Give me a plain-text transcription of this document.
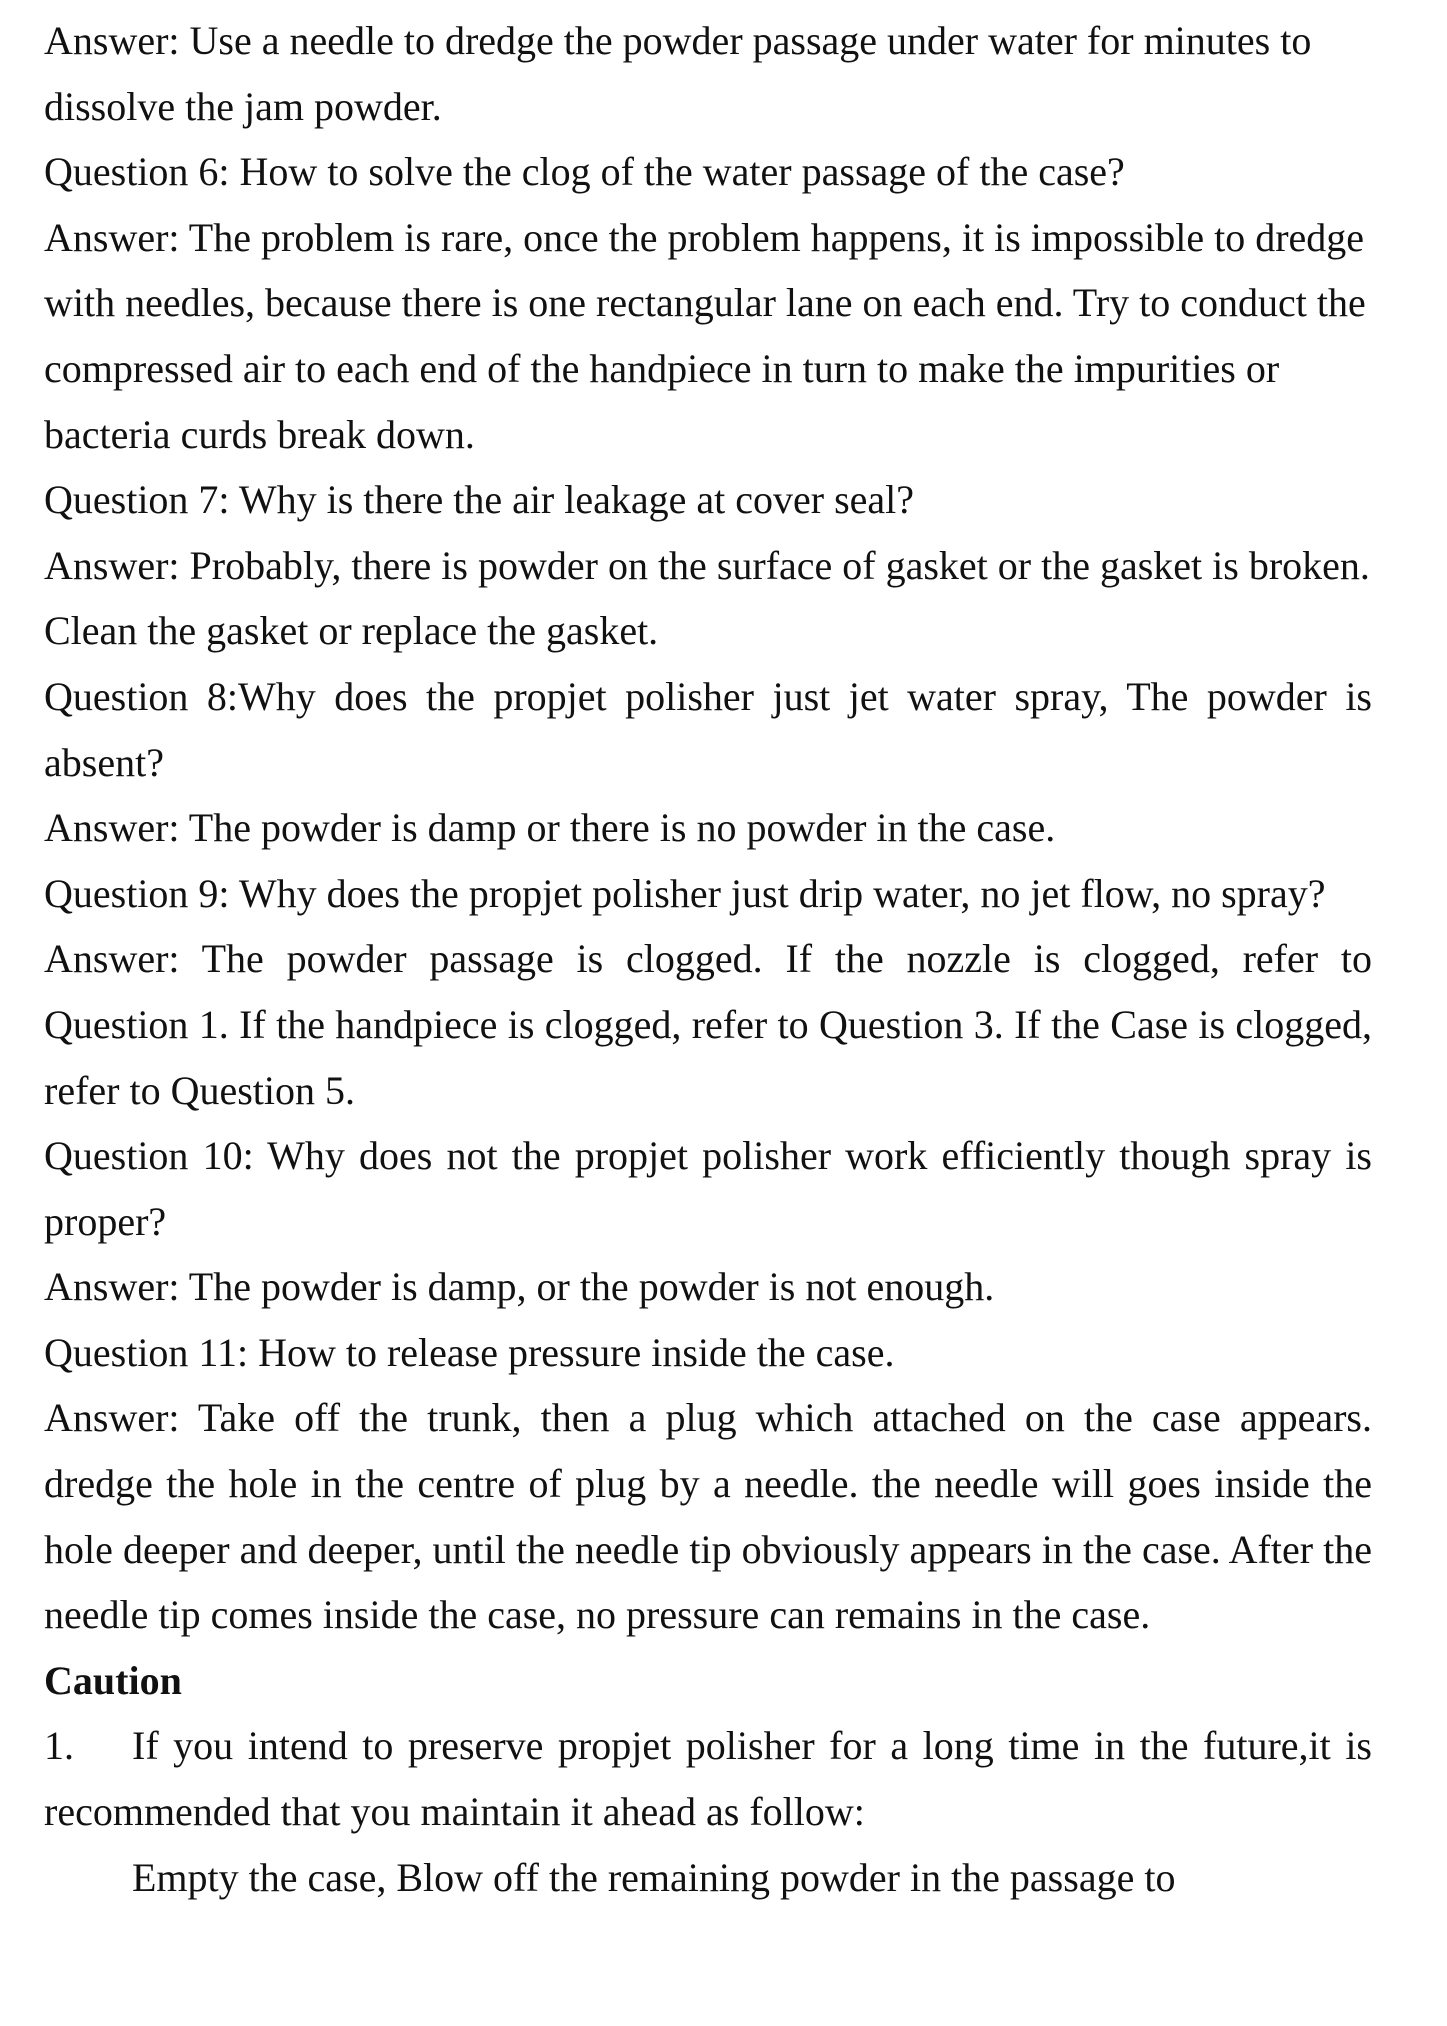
Answer: Use a needle to dredge the powder passage under water for minutes to dissolve the jam powder.

Question 6: How to solve the clog of the water passage of the case?

Answer: The problem is rare, once the problem happens, it is impossible to dredge with needles, because there is one rectangular lane on each end. Try to conduct the compressed air to each end of the handpiece in turn to make the impurities or bacteria curds break down.

Question 7: Why is there the air leakage at cover seal?

Answer: Probably, there is powder on the surface of gasket or the gasket is broken. Clean the gasket or replace the gasket.

Question 8:Why does the propjet polisher just jet water spray, The powder is absent?

Answer: The powder is damp or there is no powder in the case.

Question 9: Why does the propjet polisher just drip water, no jet flow, no spray?

Answer: The powder passage is clogged. If the nozzle is clogged, refer to Question 1. If the handpiece is clogged, refer to Question 3. If the Case is clogged, refer to Question 5.

Question 10: Why does not the propjet polisher work efficiently though spray is proper?

Answer: The powder is damp, or the powder is not enough.

Question 11: How to release pressure inside the case.

Answer: Take off the trunk, then a plug which attached on the case appears. dredge the hole in the centre of plug by a needle. the needle will goes inside the hole deeper and deeper, until the needle tip obviously appears in the case. After the needle tip comes inside the case, no pressure can remains in the case.

Caution

1. If you intend to preserve propjet polisher for a long time in the future,it is recommended that you maintain it ahead as follow:

Empty the case, Blow off the remaining powder in the passage to
